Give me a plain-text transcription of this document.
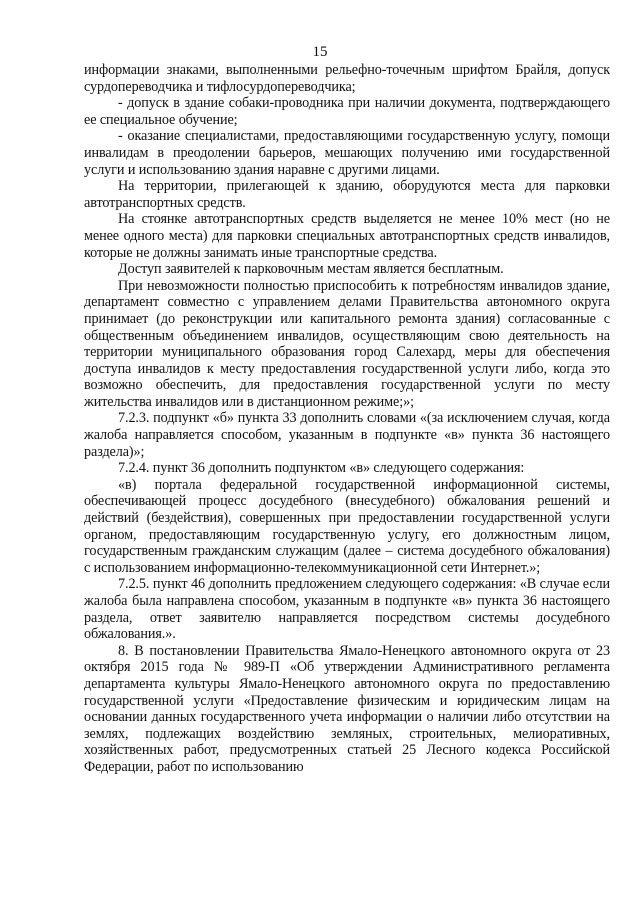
15

информации знаками, выполненными рельефно-точечным шрифтом Брайля, допуск сурдопереводчика и тифлосурдопереводчика;

- допуск в здание собаки-проводника при наличии документа, подтверждающего ее специальное обучение;

- оказание специалистами, предоставляющими государственную услугу, помощи инвалидам в преодолении барьеров, мешающих получению ими государственной услуги и использованию здания наравне с другими лицами.

На территории, прилегающей к зданию, оборудуются места для парковки автотранспортных средств.

На стоянке автотранспортных средств выделяется не менее 10% мест (но не менее одного места) для парковки специальных автотранспортных средств инвалидов, которые не должны занимать иные транспортные средства.

Доступ заявителей к парковочным местам является бесплатным.

При невозможности полностью приспособить к потребностям инвалидов здание, департамент совместно с управлением делами Правительства автономного округа принимает (до реконструкции или капитального ремонта здания) согласованные с общественным объединением инвалидов, осуществляющим свою деятельность на территории муниципального образования город Салехард, меры для обеспечения доступа инвалидов к месту предоставления государственной услуги либо, когда это возможно обеспечить, для предоставления государственной услуги по месту жительства инвалидов или в дистанционном режиме;»;

7.2.3. подпункт «б» пункта 33 дополнить словами «(за исключением случая, когда жалоба направляется способом, указанным в подпункте «в» пункта 36 настоящего раздела)»;

7.2.4. пункт 36 дополнить подпунктом «в» следующего содержания:

«в) портала федеральной государственной информационной системы, обеспечивающей процесс досудебного (внесудебного) обжалования решений и действий (бездействия), совершенных при предоставлении государственной услуги органом, предоставляющим государственную услугу, его должностным лицом, государственным гражданским служащим (далее – система досудебного обжалования) с использованием информационно-телекоммуникационной сети Интернет.»;

7.2.5. пункт 46 дополнить предложением следующего содержания: «В случае если жалоба была направлена способом, указанным в подпункте «в» пункта 36 настоящего раздела, ответ заявителю направляется посредством системы досудебного обжалования.».

8. В постановлении Правительства Ямало-Ненецкого автономного округа от 23 октября 2015 года № 989-П «Об утверждении Административного регламента департамента культуры Ямало-Ненецкого автономного округа по предоставлению государственной услуги «Предоставление физическим и юридическим лицам на основании данных государственного учета информации о наличии либо отсутствии на землях, подлежащих воздействию земляных, строительных, мелиоративных, хозяйственных работ, предусмотренных статьей 25 Лесного кодекса Российской Федерации, работ по использованию
